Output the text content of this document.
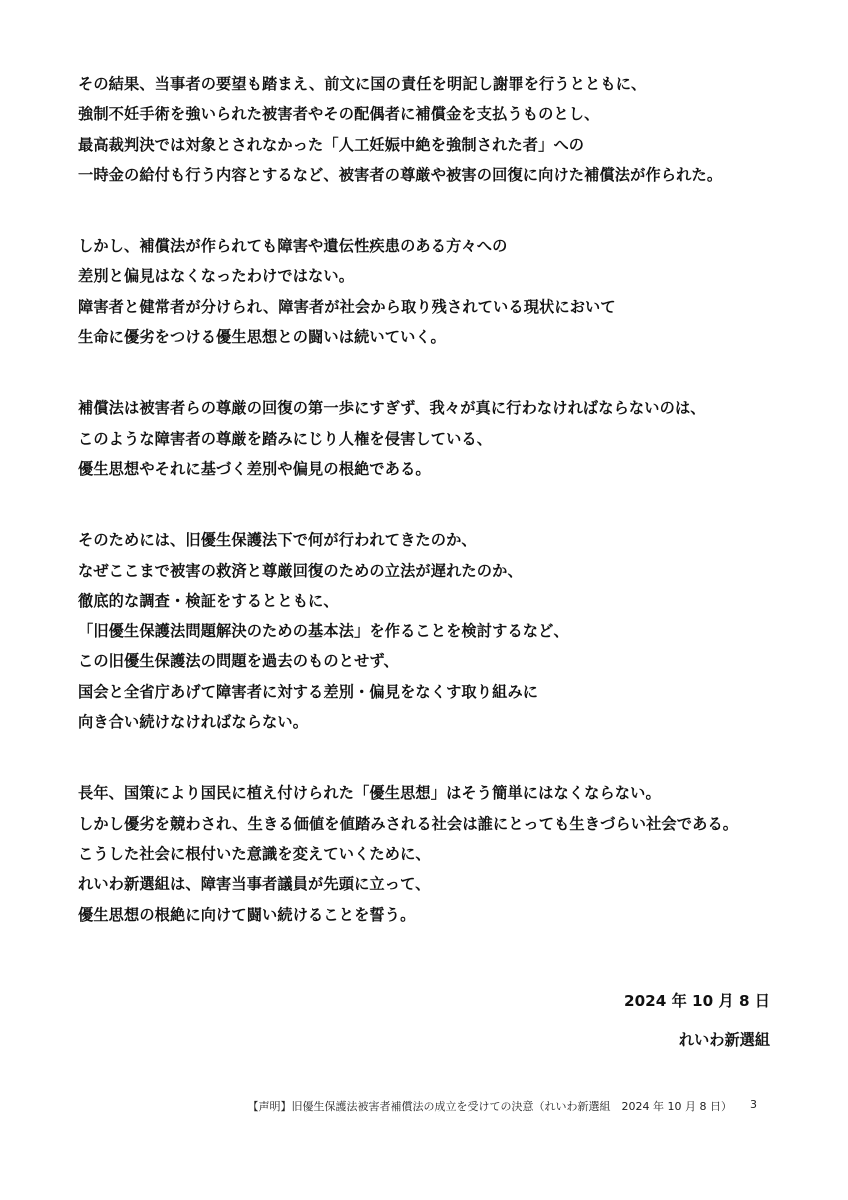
その結果、当事者の要望も踏まえ、前文に国の責任を明記し謝罪を行うとともに、
強制不妊手術を強いられた被害者やその配偶者に補償金を支払うものとし、
最高裁判決では対象とされなかった「人工妊娠中絶を強制された者」への
一時金の給付も行う内容とするなど、被害者の尊厳や被害の回復に向けた補償法が作られた。
しかし、補償法が作られても障害や遺伝性疾患のある方々への
差別と偏見はなくなったわけではない。
障害者と健常者が分けられ、障害者が社会から取り残されている現状において
生命に優劣をつける優生思想との闘いは続いていく。
補償法は被害者らの尊厳の回復の第一歩にすぎず、我々が真に行わなければならないのは、
このような障害者の尊厳を踏みにじり人権を侵害している、
優生思想やそれに基づく差別や偏見の根絶である。
そのためには、旧優生保護法下で何が行われてきたのか、
なぜここまで被害の救済と尊厳回復のための立法が遅れたのか、
徹底的な調査・検証をするとともに、
「旧優生保護法問題解決のための基本法」を作ることを検討するなど、
この旧優生保護法の問題を過去のものとせず、
国会と全省庁あげて障害者に対する差別・偏見をなくす取り組みに
向き合い続けなければならない。
長年、国策により国民に植え付けられた「優生思想」はそう簡単にはなくならない。
しかし優劣を競わされ、生きる価値を値踏みされる社会は誰にとっても生きづらい社会である。
こうした社会に根付いた意識を変えていくために、
れいわ新選組は、障害当事者議員が先頭に立って、
優生思想の根絶に向けて闘い続けることを誓う。
2024 年 10 月 8 日
れいわ新選組
【声明】旧優生保護法被害者補償法の成立を受けての決意（れいわ新選組　2024 年 10 月 8 日） 3
